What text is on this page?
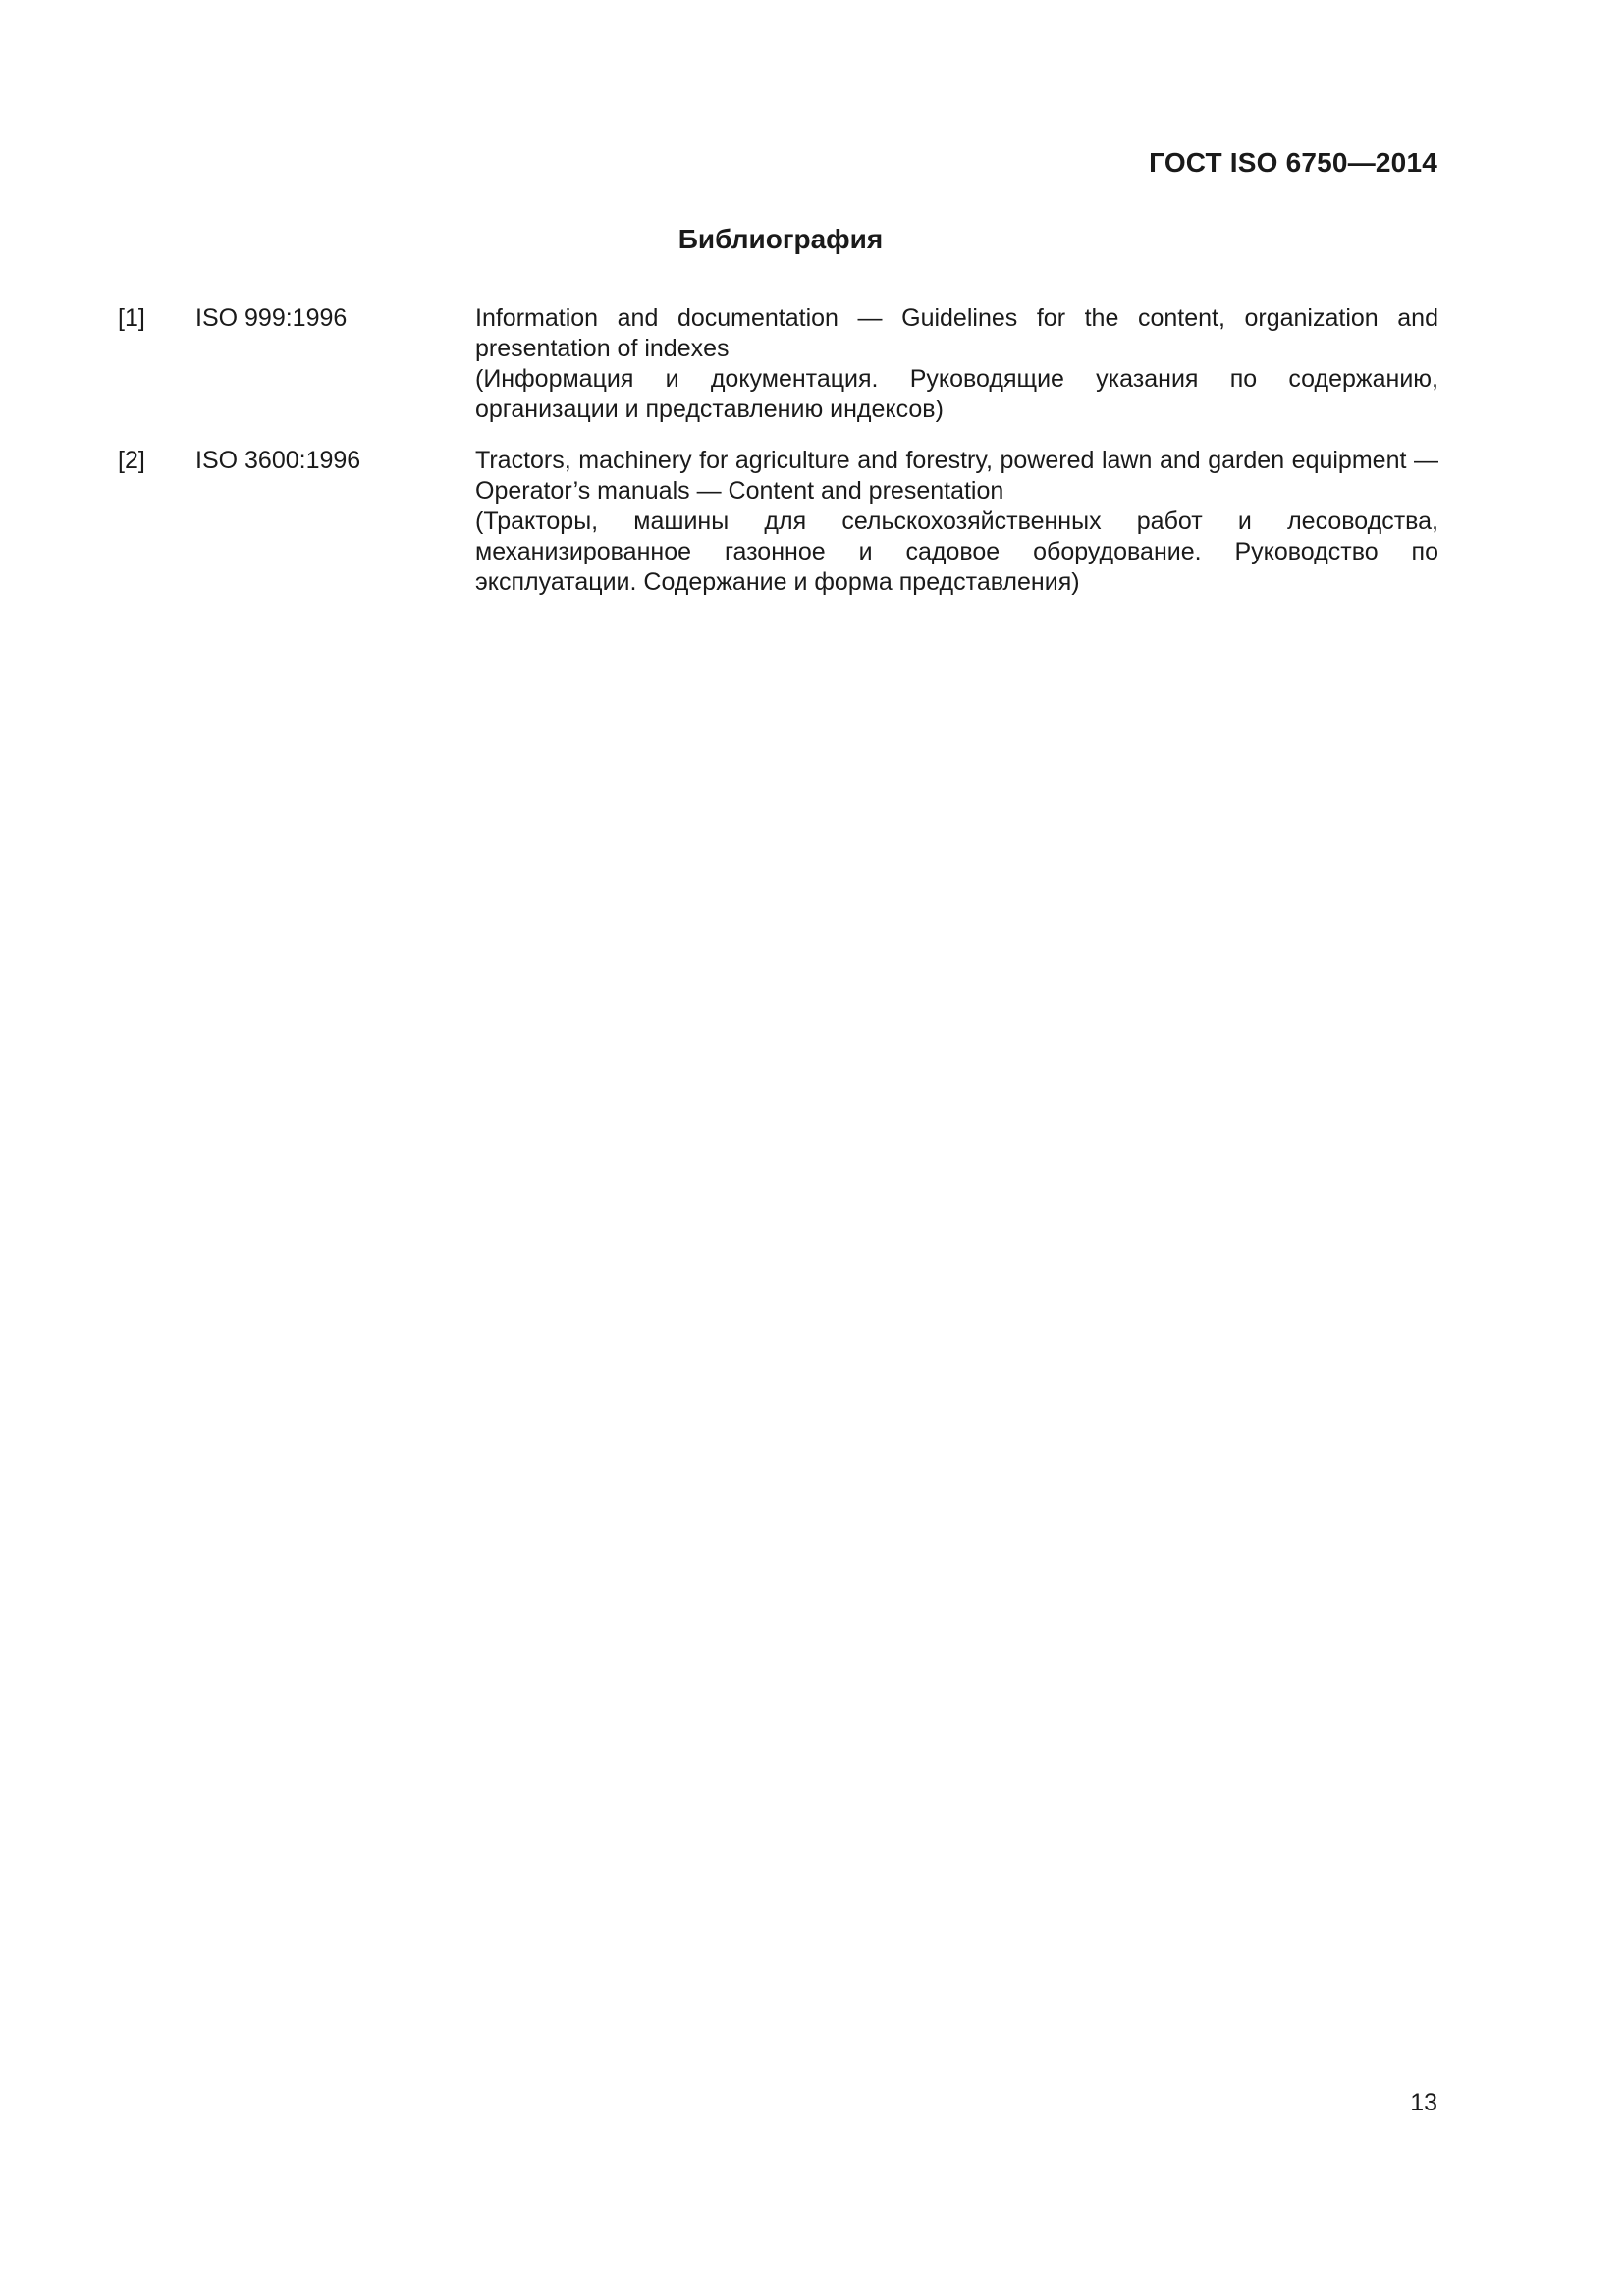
ГОСТ ISO 6750—2014
Библиография
[1]	ISO 999:1996	Information and documentation — Guidelines for the content, organization and presentation of indexes
(Информация и документация. Руководящие указания по содержанию, организации и представлению индексов)
[2]	ISO 3600:1996	Tractors, machinery for agriculture and forestry, powered lawn and garden equipment — Operator’s manuals — Content and presentation
(Тракторы, машины для сельскохозяйственных работ и лесоводства, механизированное газонное и садовое оборудование. Руководство по эксплуатации. Содержание и форма представления)
13
